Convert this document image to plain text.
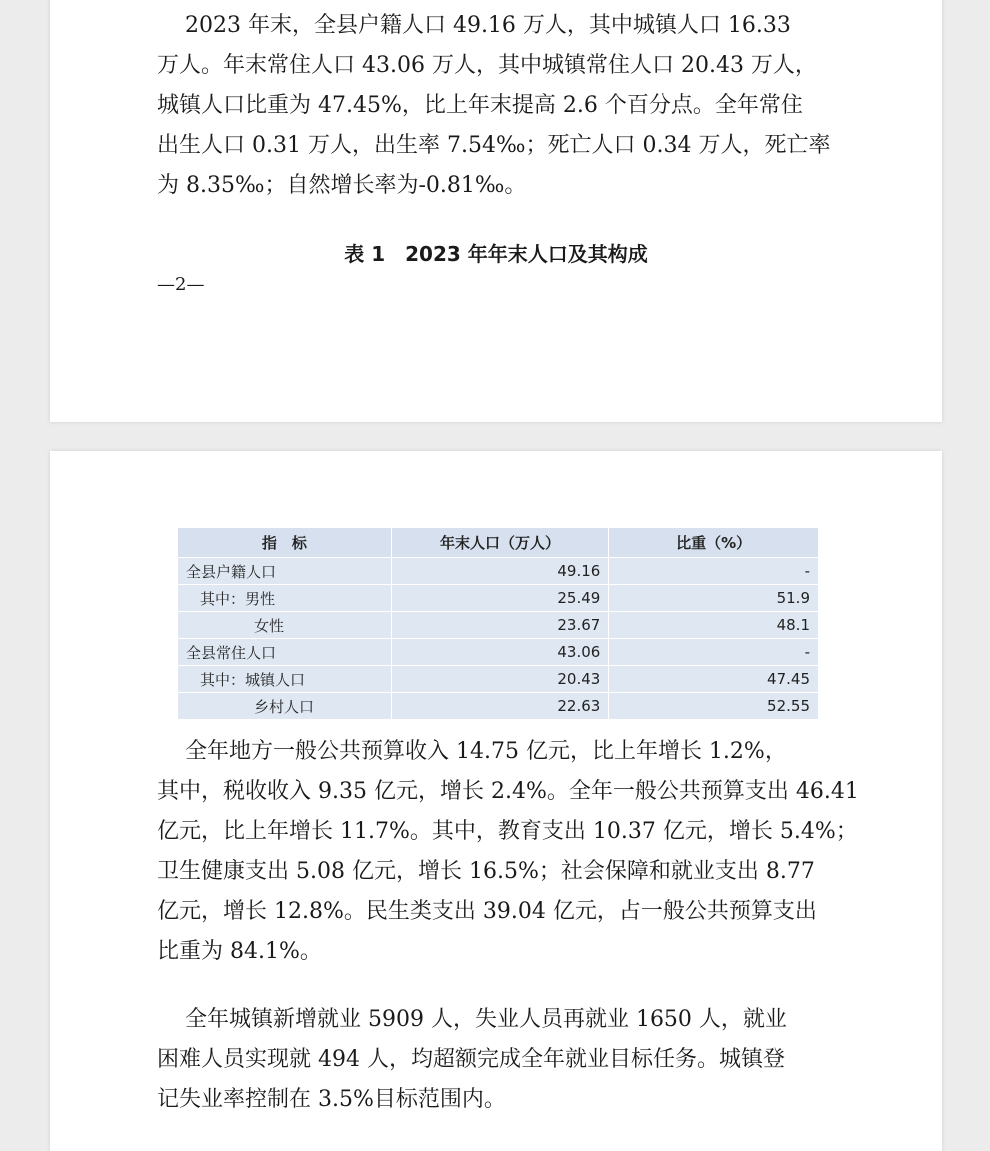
2023 年末，全县户籍人口 49.16 万人，其中城镇人口 16.33
万人。年末常住人口 43.06 万人，其中城镇常住人口 20.43 万人，
城镇人口比重为 47.45%，比上年末提高 2.6 个百分点。全年常住
出生人口 0.31 万人，出生率 7.54‰；死亡人口 0.34 万人，死亡率
为 8.35‰；自然增长率为-0.81‰。
表 1　2023 年年末人口及其构成
—2—
指　标	年末人口（万人）	比重（%）
全县户籍人口	49.16	-
其中：男性	25.49	51.9
女性	23.67	48.1
全县常住人口	43.06	-
其中：城镇人口	20.43	47.45
乡村人口	22.63	52.55
全年地方一般公共预算收入 14.75 亿元，比上年增长 1.2%，
其中，税收收入 9.35 亿元，增长 2.4%。全年一般公共预算支出 46.41
亿元，比上年增长 11.7%。其中，教育支出 10.37 亿元，增长 5.4%；
卫生健康支出 5.08 亿元，增长 16.5%；社会保障和就业支出 8.77
亿元，增长 12.8%。民生类支出 39.04 亿元，占一般公共预算支出
比重为 84.1%。
全年城镇新增就业 5909 人，失业人员再就业 1650 人，就业
困难人员实现就 494 人，均超额完成全年就业目标任务。城镇登
记失业率控制在 3.5%目标范围内。
